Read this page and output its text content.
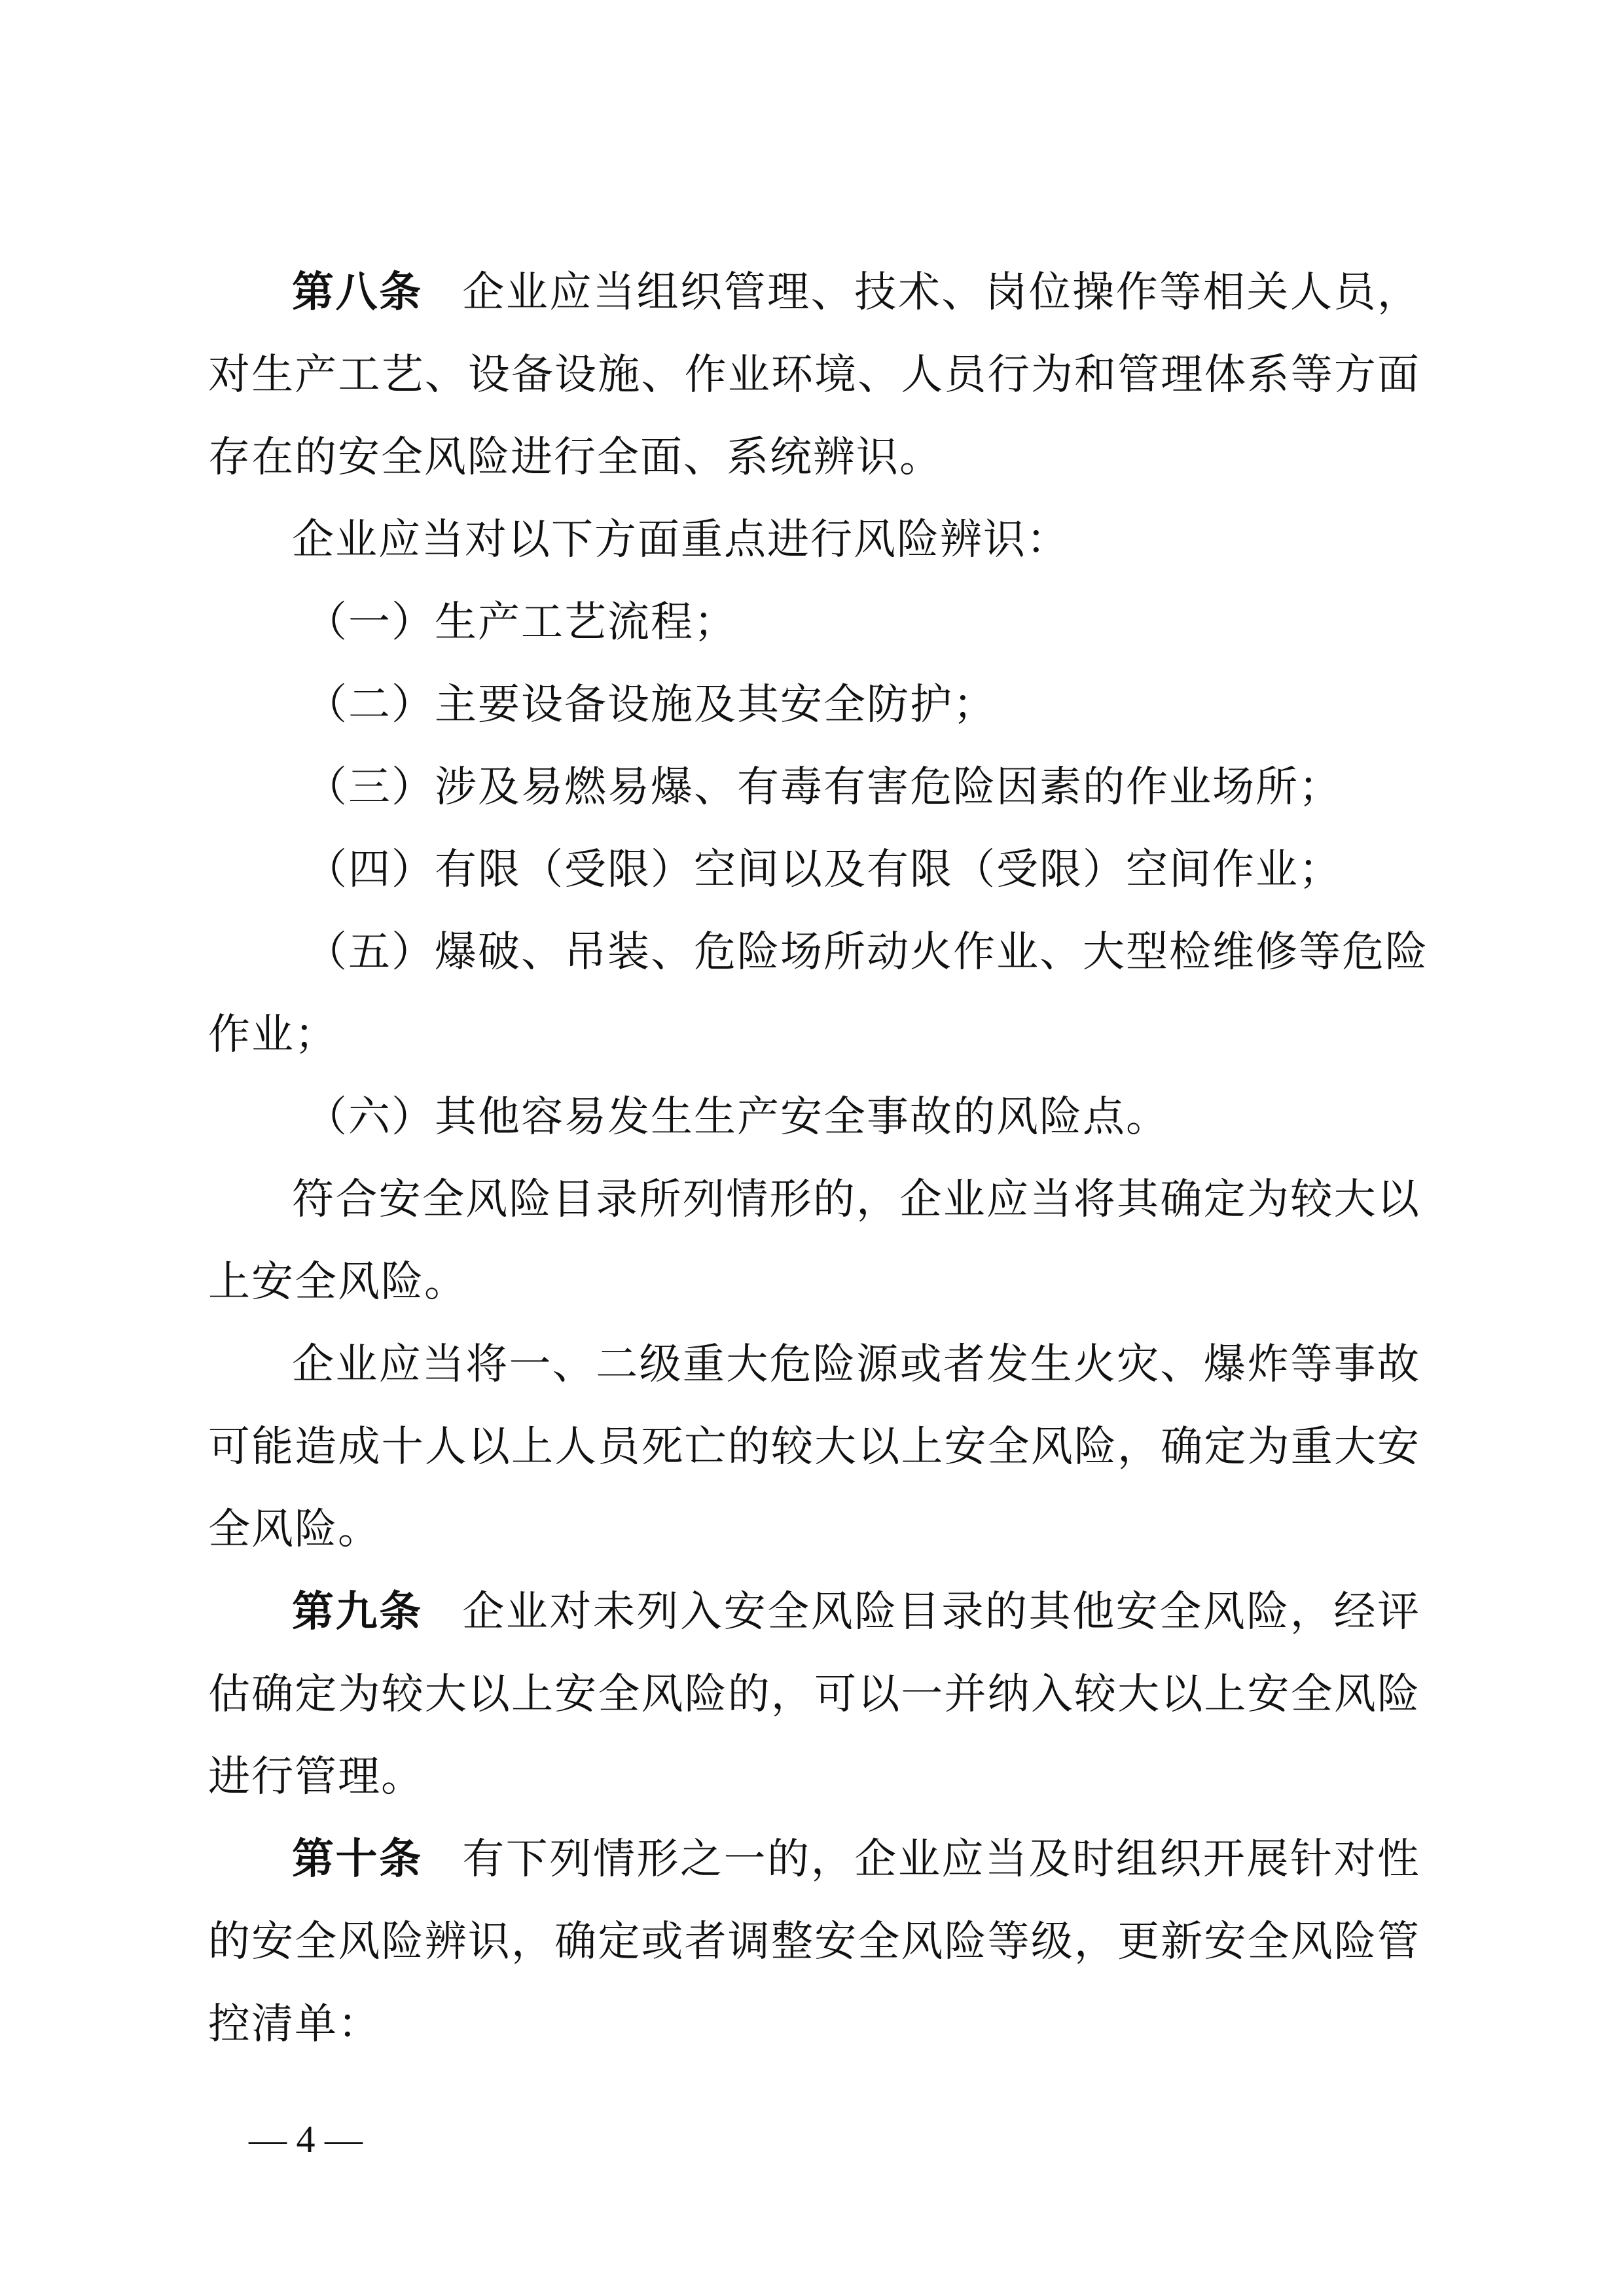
第八条 企业应当组织管理、技术、岗位操作等相关人员，
对生产工艺、设备设施、作业环境、人员行为和管理体系等方面
存在的安全风险进行全面、系统辨识。
企业应当对以下方面重点进行风险辨识：
（一）生产工艺流程；
（二）主要设备设施及其安全防护；
（三）涉及易燃易爆、有毒有害危险因素的作业场所；
（四）有限（受限）空间以及有限（受限）空间作业；
（五）爆破、吊装、危险场所动火作业、大型检维修等危险
作业；
（六）其他容易发生生产安全事故的风险点。
符合安全风险目录所列情形的，企业应当将其确定为较大以
上安全风险。
企业应当将一、二级重大危险源或者发生火灾、爆炸等事故
可能造成十人以上人员死亡的较大以上安全风险，确定为重大安
全风险。
第九条 企业对未列入安全风险目录的其他安全风险，经评
估确定为较大以上安全风险的，可以一并纳入较大以上安全风险
进行管理。
第十条 有下列情形之一的，企业应当及时组织开展针对性
的安全风险辨识，确定或者调整安全风险等级，更新安全风险管
控清单：
— 4 —
